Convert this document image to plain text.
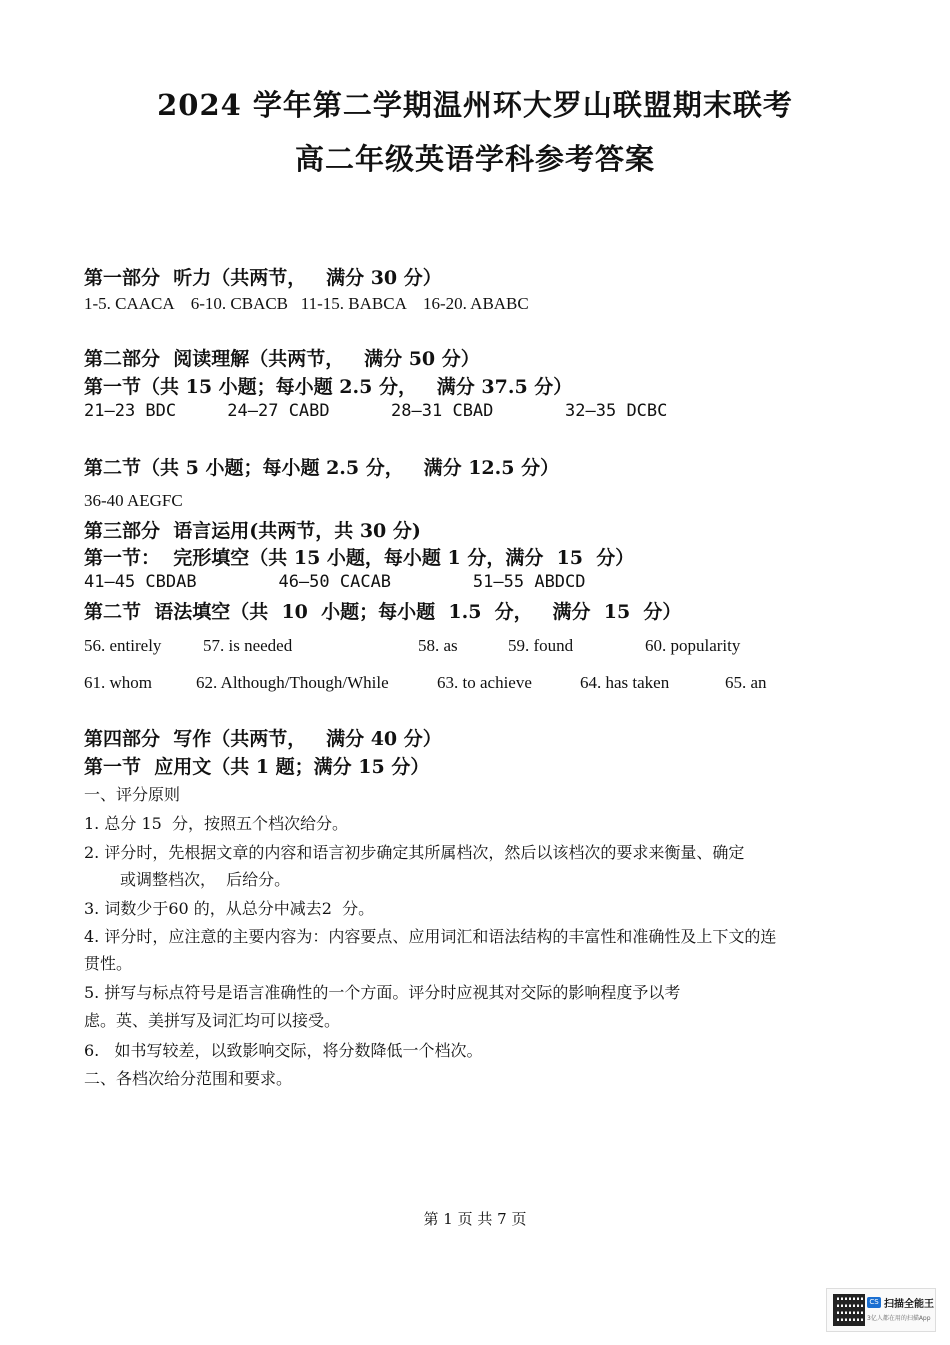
2024 学年第二学期温州环大罗山联盟期末联考
高二年级英语学科参考答案
第一部分  听力（共两节，   满分 30 分）
1-5. CAACA    6-10. CBACB   11-15. BABCA    16-20. ABABC
第二部分  阅读理解（共两节，   满分 50 分）
第一节（共 15 小题；每小题 2.5 分，   满分 37.5 分）
21—23 BDC     24—27 CABD      28—31 CBAD       32—35 DCBC
第二节（共 5 小题；每小题 2.5 分，   满分 12.5 分）
36-40 AEGFC
第三部分  语言运用(共两节，共 30 分)
第一节：  完形填空（共 15 小题，每小题 1 分，满分  15  分）
41—45 CBDAB        46—50 CACAB        51—55 ABDCD
第二节  语法填空（共  10  小题；每小题  1.5  分，   满分  15  分）
56. entirely 57. is needed	58. as	59. found	60. popularity
61. whom	62. Although/Though/While	63. to achieve	64. has taken	65. an
第四部分  写作（共两节，   满分 40 分）
第一节  应用文（共 1 题；满分 15 分）
一、评分原则
1. 总分 15  分，按照五个档次给分。
2. 评分时，先根据文章的内容和语言初步确定其所属档次，然后以该档次的要求来衡量、确定
或调整档次，  后给分。
3. 词数少于60 的，从总分中减去2  分。
4. 评分时，应注意的主要内容为：内容要点、应用词汇和语法结构的丰富性和准确性及上下文的连
贯性。
5. 拼写与标点符号是语言准确性的一个方面。评分时应视其对交际的影响程度予以考
虑。英、美拼写及词汇均可以接受。
6.   如书写较差，以致影响交际，将分数降低一个档次。
二、各档次给分范围和要求。
第 1 页 共 7 页
CS 扫描全能王
3亿人都在用的扫描App
